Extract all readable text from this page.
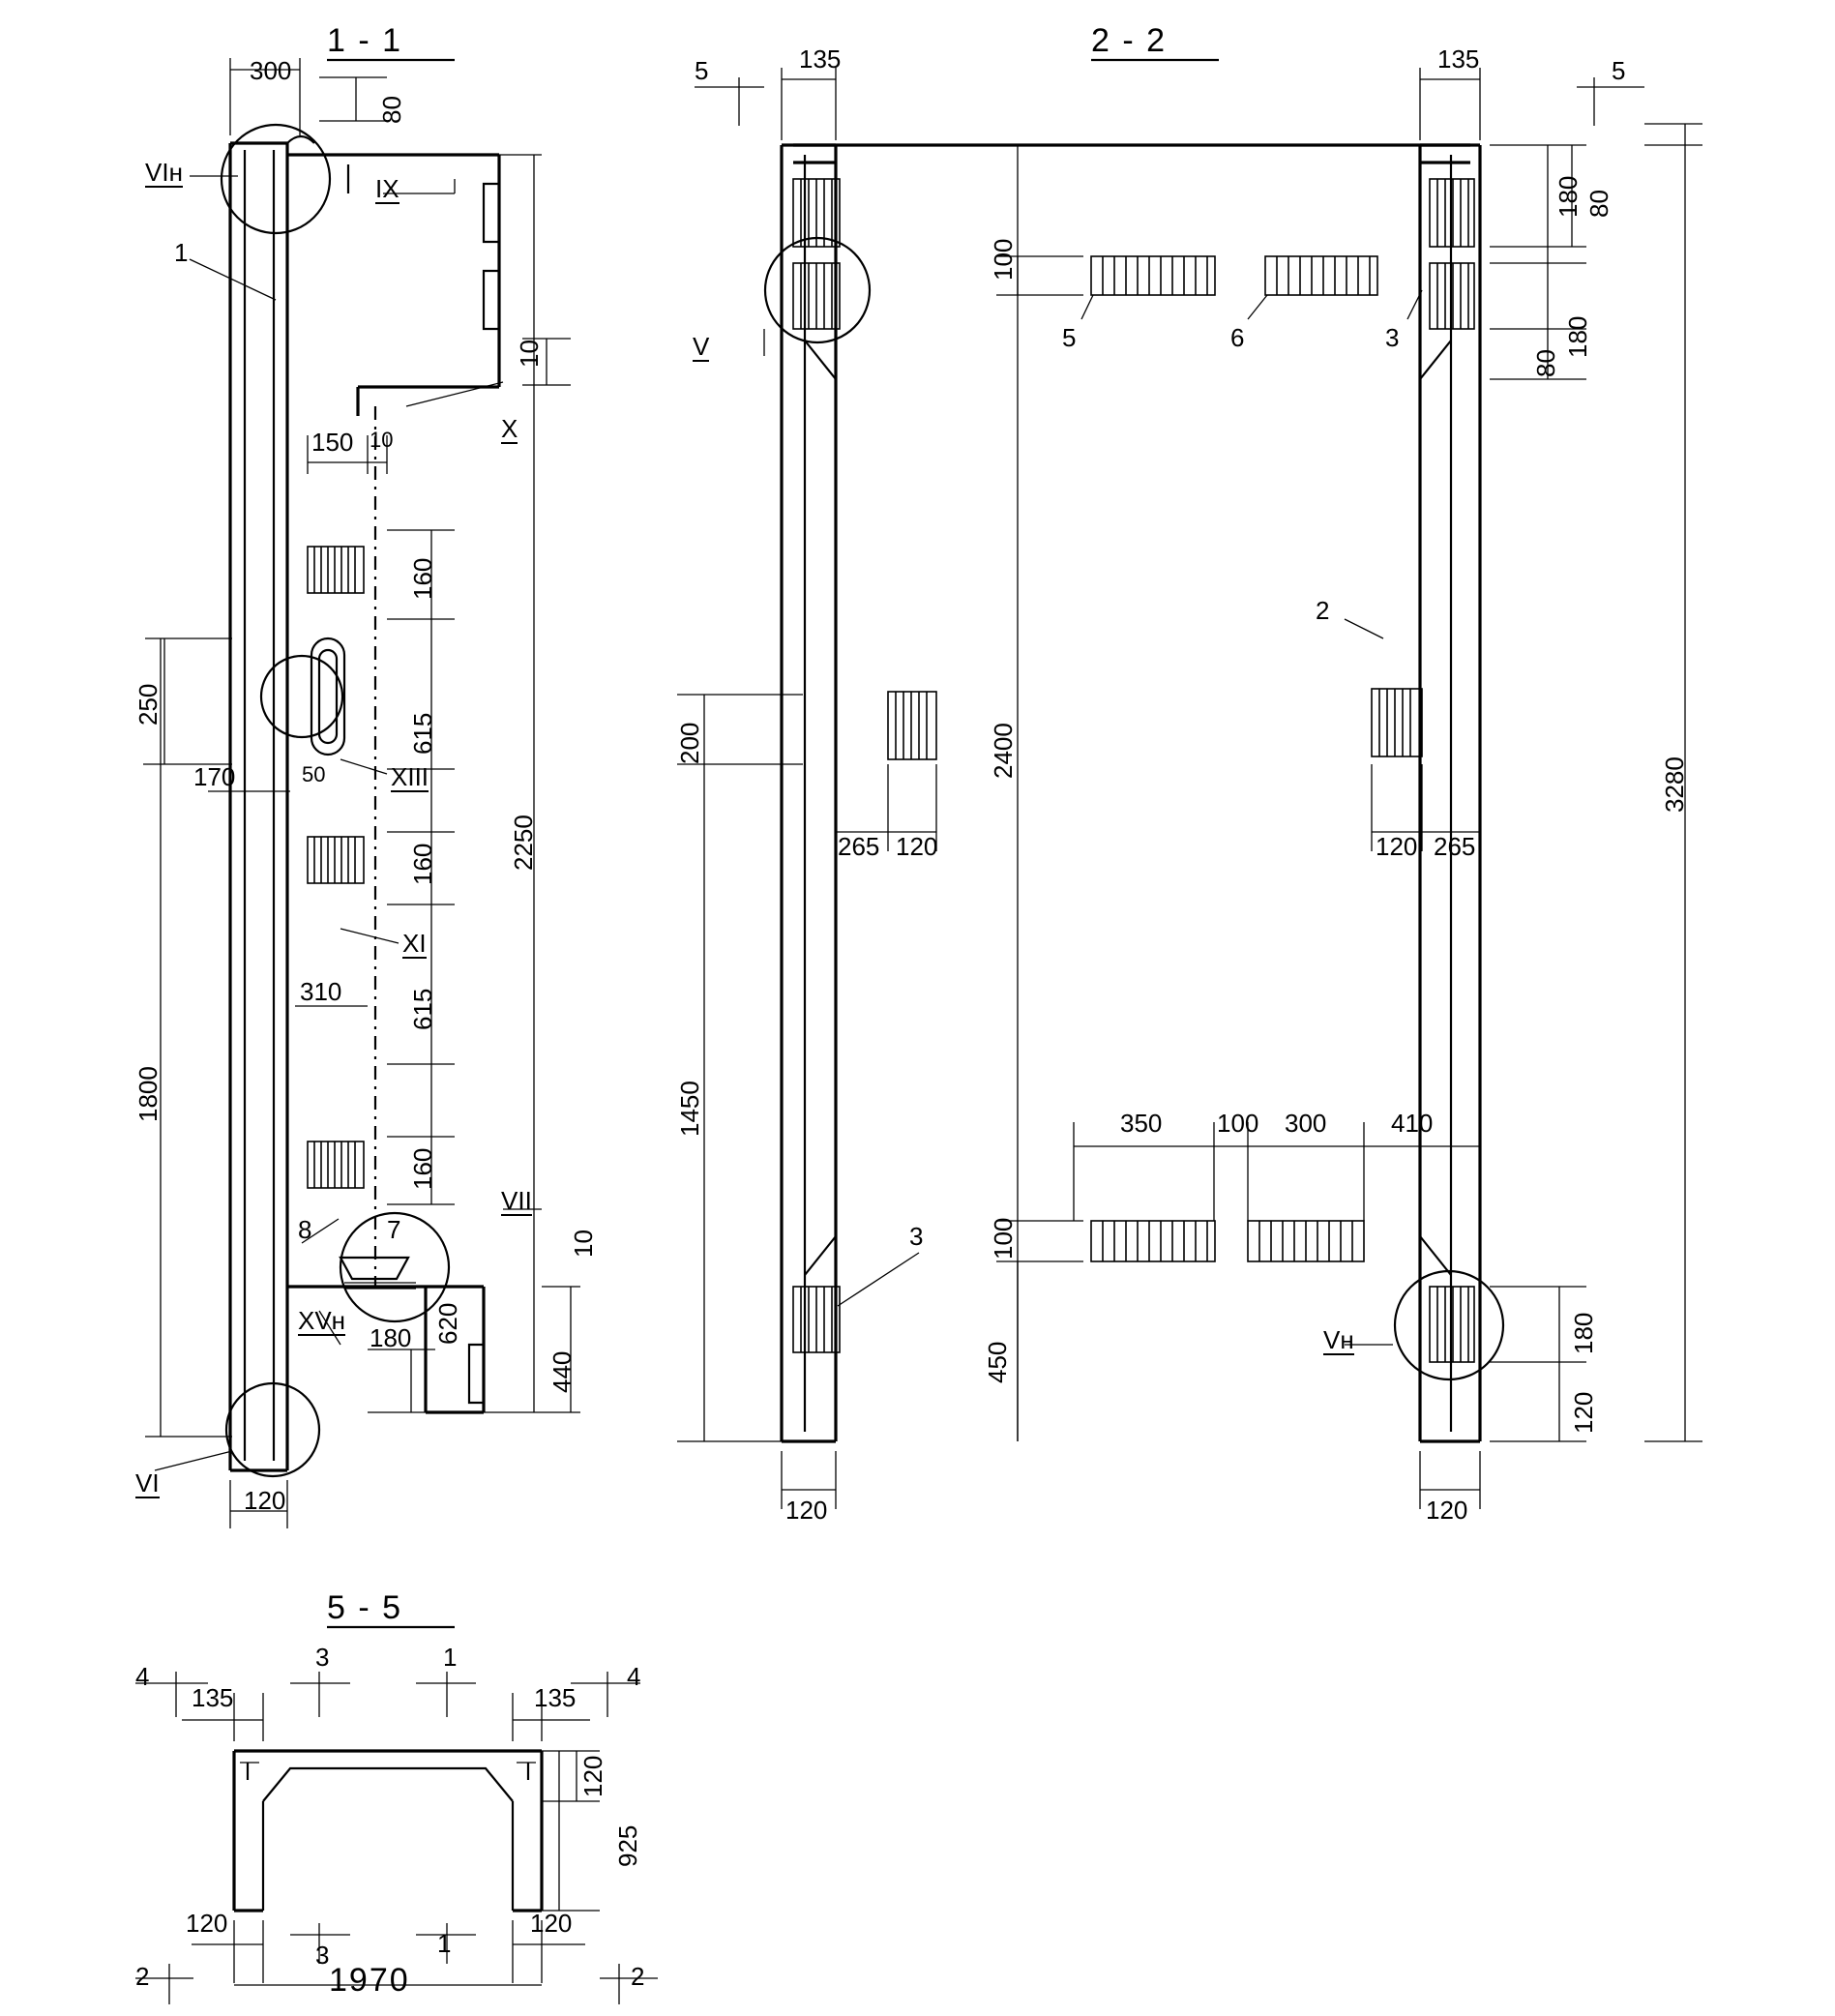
1 - 1	2 - 2
5 - 5
300
80
VIн
1
IX
X
XIII
XI
VII
XVн
VI
7
8
250
170
1800
150 10
10
160
615
50
160
615
310
160
180 620
2250
440
10
120
5	135	135	5
180 80
80
180
3280
200
1450
450
100
100
2400
V	5	6	3
2
3
Vн
265 120	120 265
350 100 300	410
120	120
180
120
4
3	1
4
3	1
2	2
135	135
120
925
120	120
1970
